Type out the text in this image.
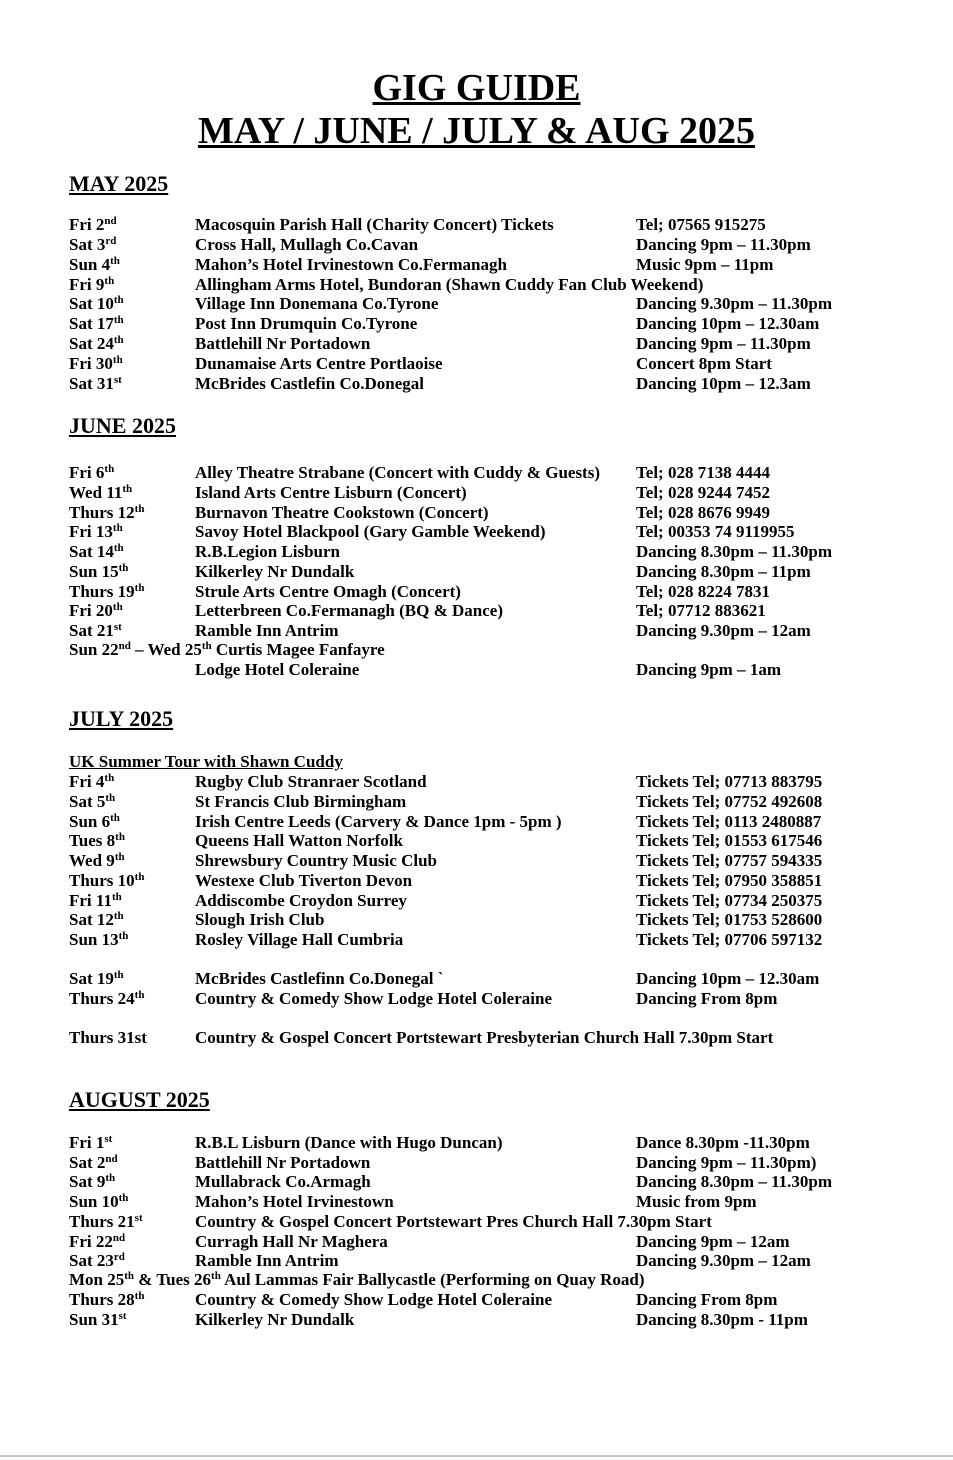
GIG GUIDE
MAY / JUNE / JULY & AUG 2025
MAY 2025
Fri 2nd	Macosquin Parish Hall (Charity Concert) Tickets	Tel; 07565 915275
Sat 3rd	Cross Hall, Mullagh Co.Cavan	Dancing 9pm – 11.30pm
Sun 4th	Mahon’s Hotel Irvinestown Co.Fermanagh	Music 9pm – 11pm
Fri 9th	Allingham Arms Hotel, Bundoran (Shawn Cuddy Fan Club Weekend)
Sat 10th	Village Inn Donemana Co.Tyrone	Dancing 9.30pm – 11.30pm
Sat 17th	Post Inn Drumquin Co.Tyrone	Dancing 10pm – 12.30am
Sat 24th	Battlehill Nr Portadown	Dancing 9pm – 11.30pm
Fri 30th	Dunamaise Arts Centre Portlaoise	Concert 8pm Start
Sat 31st	McBrides Castlefin Co.Donegal	Dancing 10pm – 12.3am
JUNE 2025
Fri 6th	Alley Theatre Strabane (Concert with Cuddy & Guests) Tel; 028 7138 4444
Wed 11th	Island Arts Centre Lisburn (Concert)	Tel; 028 9244 7452
Thurs 12th	Burnavon Theatre Cookstown (Concert)	Tel; 028 8676 9949
Fri 13th	Savoy Hotel Blackpool (Gary Gamble Weekend)	Tel; 00353 74 9119955
Sat 14th	R.B.Legion Lisburn	Dancing 8.30pm – 11.30pm
Sun 15th	Kilkerley Nr Dundalk	Dancing 8.30pm – 11pm
Thurs 19th	Strule Arts Centre Omagh (Concert)	Tel; 028 8224 7831
Fri 20th	Letterbreen Co.Fermanagh (BQ & Dance)	Tel; 07712 883621
Sat 21st	Ramble Inn Antrim	Dancing 9.30pm – 12am
Sun 22nd – Wed 25th Curtis Magee Fanfayre
Lodge Hotel Coleraine	Dancing 9pm – 1am
JULY 2025
UK Summer Tour with Shawn Cuddy
Fri 4th	Rugby Club Stranraer Scotland	Tickets Tel; 07713 883795
Sat 5th	St Francis Club Birmingham	Tickets Tel; 07752 492608
Sun 6th	Irish Centre Leeds (Carvery & Dance 1pm - 5pm )	Tickets Tel; 0113 2480887
Tues 8th	Queens Hall Watton Norfolk	Tickets Tel; 01553 617546
Wed 9th	Shrewsbury Country Music Club	Tickets Tel; 07757 594335
Thurs 10th	Westexe Club Tiverton Devon	Tickets Tel; 07950 358851
Fri 11th	Addiscombe Croydon Surrey	Tickets Tel; 07734 250375
Sat 12th	Slough Irish Club	Tickets Tel; 01753 528600
Sun 13th	Rosley Village Hall Cumbria	Tickets Tel; 07706 597132
Sat 19th	McBrides Castlefinn Co.Donegal `	Dancing 10pm – 12.30am
Thurs 24th	Country & Comedy Show Lodge Hotel Coleraine	Dancing From 8pm
Thurs 31st	Country & Gospel Concert Portstewart Presbyterian Church Hall 7.30pm Start
AUGUST 2025
Fri 1st	R.B.L Lisburn (Dance with Hugo Duncan)	Dance 8.30pm -11.30pm
Sat 2nd	Battlehill Nr Portadown	Dancing 9pm – 11.30pm)
Sat 9th	Mullabrack Co.Armagh	Dancing 8.30pm – 11.30pm
Sun 10th	Mahon’s Hotel Irvinestown	Music from 9pm
Thurs 21st	Country & Gospel Concert Portstewart Pres Church Hall 7.30pm Start
Fri 22nd	Curragh Hall Nr Maghera	Dancing 9pm – 12am
Sat 23rd	Ramble Inn Antrim	Dancing 9.30pm – 12am
Mon 25th & Tues 26th Aul Lammas Fair Ballycastle (Performing on Quay Road)
Thurs 28th	Country & Comedy Show Lodge Hotel Coleraine	Dancing From 8pm
Sun 31st	Kilkerley Nr Dundalk	Dancing 8.30pm - 11pm
